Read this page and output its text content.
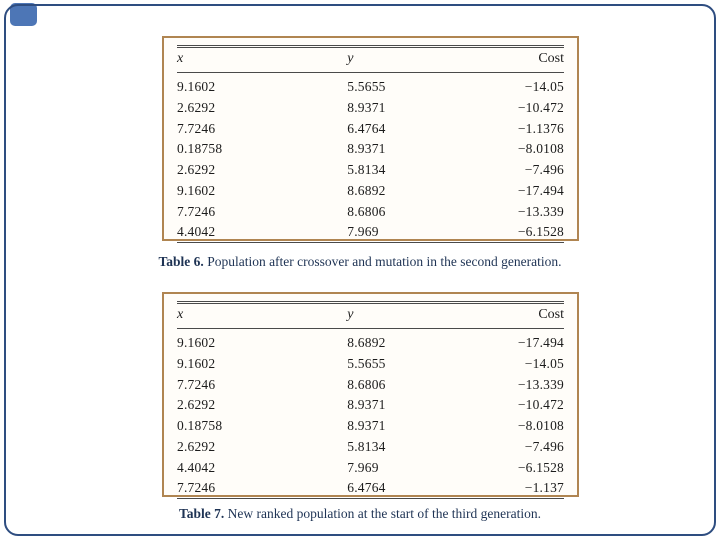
x	y	Cost
9.1602	5.5655	−14.05
2.6292	8.9371	−10.472
7.7246	6.4764	−1.1376
0.18758	8.9371	−8.0108
2.6292	5.8134	−7.496
9.1602	8.6892	−17.494
7.7246	8.6806	−13.339
4.4042	7.969	−6.1528
Table 6. Population after crossover and mutation in the second generation.
x	y	Cost
9.1602	8.6892	−17.494
9.1602	5.5655	−14.05
7.7246	8.6806	−13.339
2.6292	8.9371	−10.472
0.18758	8.9371	−8.0108
2.6292	5.8134	−7.496
4.4042	7.969	−6.1528
7.7246	6.4764	−1.137
Table 7. New ranked population at the start of the third generation.
